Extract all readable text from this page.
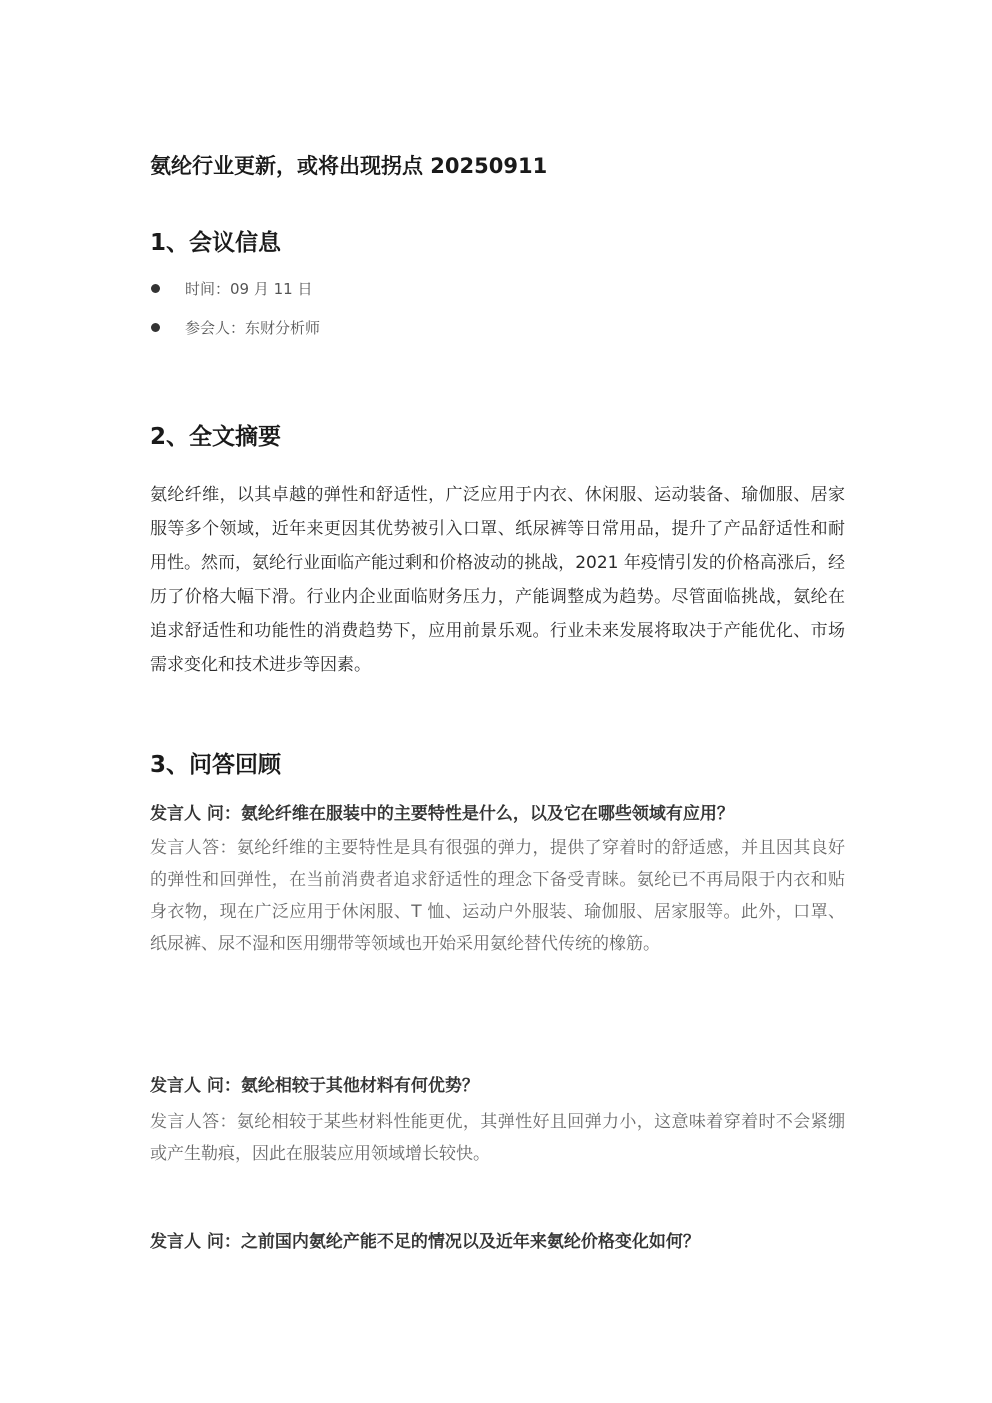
氨纶行业更新，或将出现拐点 20250911
1、会议信息
时间：09 月 11 日
参会人：东财分析师
2、全文摘要
氨纶纤维，以其卓越的弹性和舒适性，广泛应用于内衣、休闲服、运动装备、瑜伽服、居家服等多个领域，近年来更因其优势被引入口罩、纸尿裤等日常用品，提升了产品舒适性和耐用性。然而，氨纶行业面临产能过剩和价格波动的挑战，2021 年疫情引发的价格高涨后，经历了价格大幅下滑。行业内企业面临财务压力，产能调整成为趋势。尽管面临挑战，氨纶在追求舒适性和功能性的消费趋势下，应用前景乐观。行业未来发展将取决于产能优化、市场需求变化和技术进步等因素。
3、问答回顾
发言人 问：氨纶纤维在服装中的主要特性是什么，以及它在哪些领域有应用？
发言人答：氨纶纤维的主要特性是具有很强的弹力，提供了穿着时的舒适感，并且因其良好的弹性和回弹性，在当前消费者追求舒适性的理念下备受青睐。氨纶已不再局限于内衣和贴身衣物，现在广泛应用于休闲服、T 恤、运动户外服装、瑜伽服、居家服等。此外，口罩、纸尿裤、尿不湿和医用绷带等领域也开始采用氨纶替代传统的橡筋。
发言人 问：氨纶相较于其他材料有何优势？
发言人答：氨纶相较于某些材料性能更优，其弹性好且回弹力小，这意味着穿着时不会紧绷或产生勒痕，因此在服装应用领域增长较快。
发言人 问：之前国内氨纶产能不足的情况以及近年来氨纶价格变化如何？
